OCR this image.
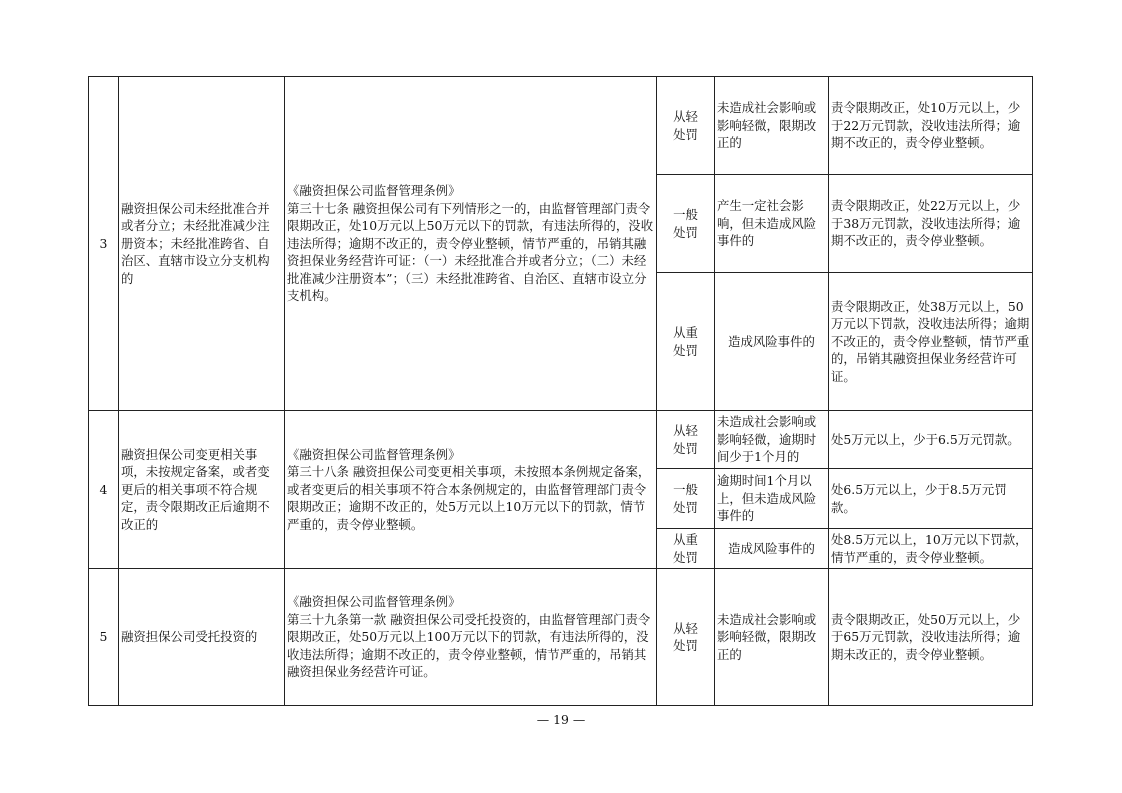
3	融资担保公司未经批准合并或者分立；未经批准减少注册资本；未经批准跨省、自治区、直辖市设立分支机构的	《融资担保公司监督管理条例》
第三十七条 融资担保公司有下列情形之一的，由监督管理部门责令限期改正，处10万元以上50万元以下的罚款，有违法所得的，没收违法所得；逾期不改正的，责令停业整顿，情节严重的，吊销其融资担保业务经营许可证：（一）未经批准合并或者分立；（二）未经批准减少注册资本”；（三）未经批准跨省、自治区、直辖市设立分支机构。	从轻处罚	未造成社会影响或影响轻微，限期改正的	责令限期改正，处10万元以上，少于22万元罚款，没收违法所得；逾期不改正的，责令停业整顿。
			一般处罚	产生一定社会影响，但未造成风险事件的	责令限期改正，处22万元以上，少于38万元罚款，没收违法所得；逾期不改正的，责令停业整顿。
			从重处罚	造成风险事件的	责令限期改正，处38万元以上，50万元以下罚款，没收违法所得；逾期不改正的，责令停业整顿，情节严重的，吊销其融资担保业务经营许可证。
4	融资担保公司变更相关事项，未按规定备案，或者变更后的相关事项不符合规定，责令限期改正后逾期不改正的	《融资担保公司监督管理条例》
第三十八条 融资担保公司变更相关事项，未按照本条例规定备案，或者变更后的相关事项不符合本条例规定的，由监督管理部门责令限期改正；逾期不改正的，处5万元以上10万元以下的罚款，情节严重的，责令停业整顿。	从轻处罚	未造成社会影响或影响轻微，逾期时间少于1个月的	处5万元以上，少于6.5万元罚款。
			一般处罚	逾期时间1个月以上，但未造成风险事件的	处6.5万元以上，少于8.5万元罚款。
			从重处罚	造成风险事件的	处8.5万元以上，10万元以下罚款，情节严重的，责令停业整顿。
5	融资担保公司受托投资的	《融资担保公司监督管理条例》
第三十九条第一款 融资担保公司受托投资的，由监督管理部门责令限期改正，处50万元以上100万元以下的罚款，有违法所得的，没收违法所得；逾期不改正的，责令停业整顿，情节严重的，吊销其融资担保业务经营许可证。	从轻处罚	未造成社会影响或影响轻微，限期改正的	责令限期改正，处50万元以上，少于65万元罚款，没收违法所得；逾期未改正的，责令停业整顿。
— 19 —
